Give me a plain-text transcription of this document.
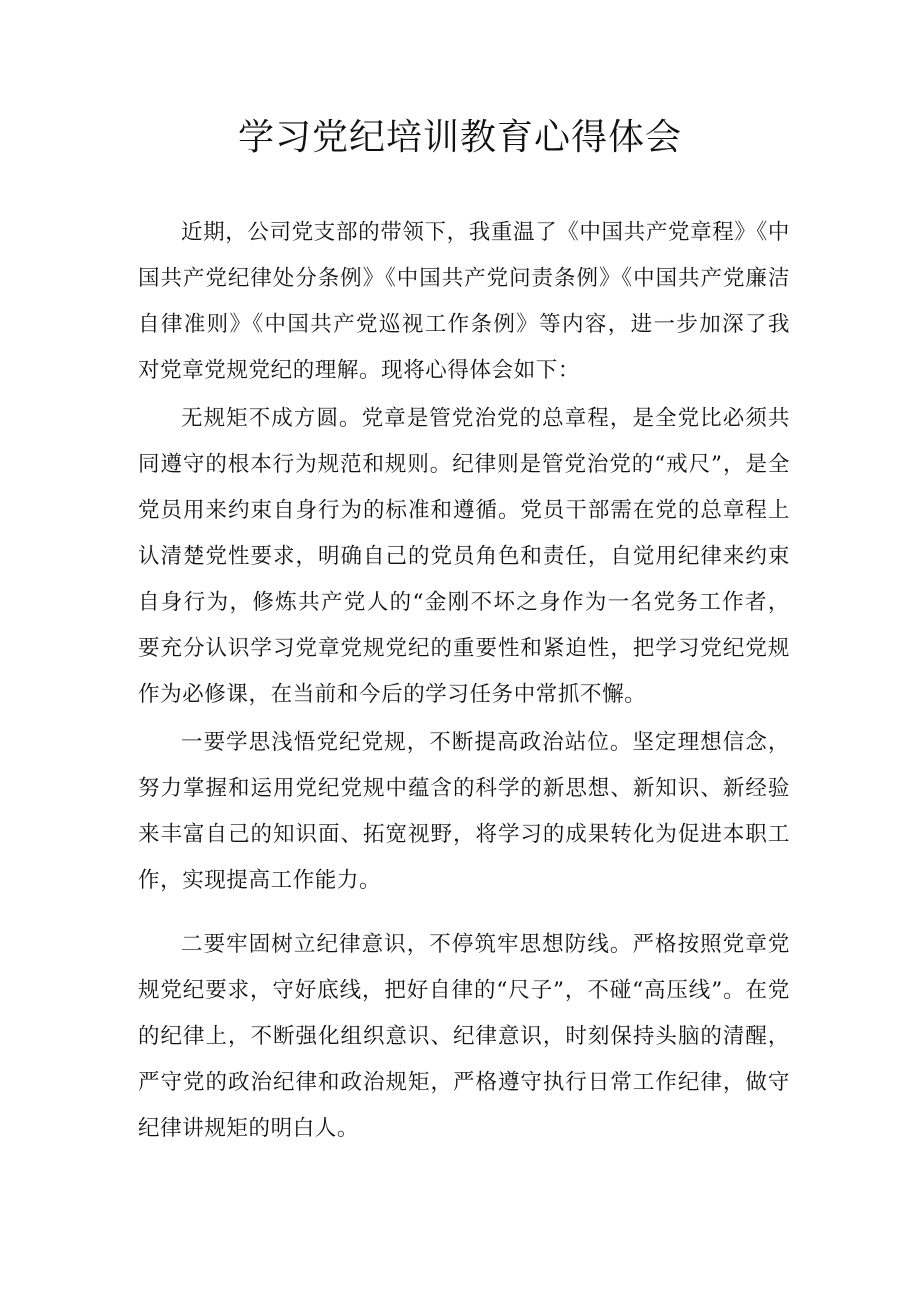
学习党纪培训教育心得体会

近期，公司党支部的带领下，我重温了《中国共产党章程》《中国共产党纪律处分条例》《中国共产党问责条例》《中国共产党廉洁自律准则》《中国共产党巡视工作条例》等内容，进一步加深了我对党章党规党纪的理解。现将心得体会如下：

无规矩不成方圆。党章是管党治党的总章程，是全党比必须共同遵守的根本行为规范和规则。纪律则是管党治党的“戒尺”，是全党员用来约束自身行为的标准和遵循。党员干部需在党的总章程上认清楚党性要求，明确自己的党员角色和责任，自觉用纪律来约束自身行为，修炼共产党人的“金刚不坏之身作为一名党务工作者，要充分认识学习党章党规党纪的重要性和紧迫性，把学习党纪党规作为必修课，在当前和今后的学习任务中常抓不懈。

一要学思浅悟党纪党规，不断提高政治站位。坚定理想信念，努力掌握和运用党纪党规中蕴含的科学的新思想、新知识、新经验来丰富自己的知识面、拓宽视野，将学习的成果转化为促进本职工作，实现提高工作能力。

二要牢固树立纪律意识，不停筑牢思想防线。严格按照党章党规党纪要求，守好底线，把好自律的“尺子”，不碰“高压线”。在党的纪律上，不断强化组织意识、纪律意识，时刻保持头脑的清醒，严守党的政治纪律和政治规矩，严格遵守执行日常工作纪律，做守纪律讲规矩的明白人。
